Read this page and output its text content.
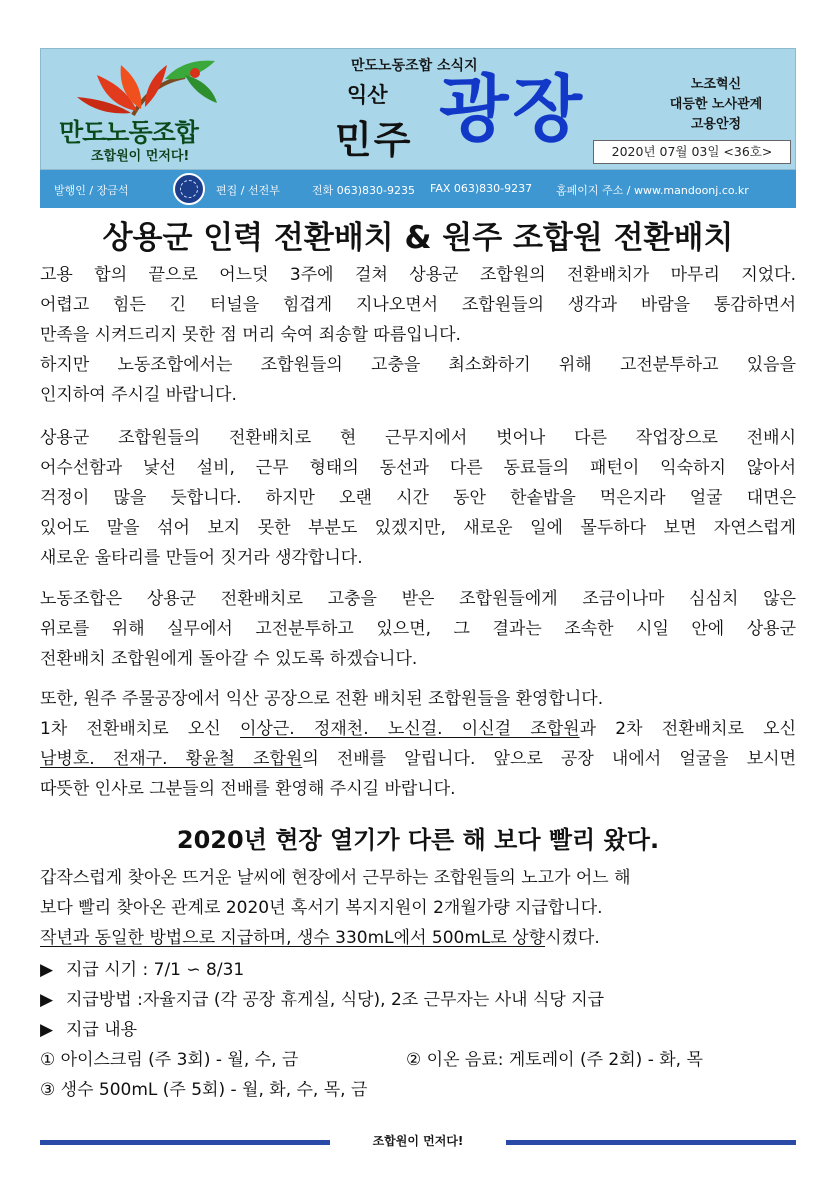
만도노동조합
조합원이 먼저다!
만도노동조합 소식지
익산
민주 광장	노조혁신
대등한 노사관계
고용안정
2020년 07월 03일 <36호>
발행인 / 장금석	편집 / 선전부	전화 063)830-9235 FAX 063)830-9237 홈페이지 주소 / www.mandoonj.co.kr
상용군 인력 전환배치 & 원주 조합원 전환배치
고용 합의 끝으로 어느덧 3주에 걸쳐 상용군 조합원의 전환배치가 마무리 지었다.
어렵고 힘든 긴 터널을 힘겹게 지나오면서 조합원들의 생각과 바람을 통감하면서
만족을 시켜드리지 못한 점 머리 숙여 죄송할 따름입니다.
하지만 노동조합에서는 조합원들의 고충을 최소화하기 위해 고전분투하고 있음을
인지하여 주시길 바랍니다.
상용군 조합원들의 전환배치로 현 근무지에서 벗어나 다른 작업장으로 전배시
어수선함과 낯선 설비, 근무 형태의 동선과 다른 동료들의 패턴이 익숙하지 않아서
걱정이 많을 듯합니다. 하지만 오랜 시간 동안 한솥밥을 먹은지라 얼굴 대면은
있어도 말을 섞어 보지 못한 부분도 있겠지만, 새로운 일에 몰두하다 보면 자연스럽게
새로운 울타리를 만들어 짓거라 생각합니다.
노동조합은 상용군 전환배치로 고충을 받은 조합원들에게 조금이나마 심심치 않은
위로를 위해 실무에서 고전분투하고 있으면, 그 결과는 조속한 시일 안에 상용군
전환배치 조합원에게 돌아갈 수 있도록 하겠습니다.
또한, 원주 주물공장에서 익산 공장으로 전환 배치된 조합원들을 환영합니다.
1차 전환배치로 오신 이상근. 정재천. 노신걸. 이신걸 조합원과 2차 전환배치로 오신
남병호. 전재구. 황윤철 조합원의 전배를 알립니다. 앞으로 공장 내에서 얼굴을 보시면
따뜻한 인사로 그분들의 전배를 환영해 주시길 바랍니다.
2020년 현장 열기가 다른 해 보다 빨리 왔다.
갑작스럽게 찾아온 뜨거운 날씨에 현장에서 근무하는 조합원들의 노고가 어느 해
보다 빨리 찾아온 관계로 2020년 혹서기 복지지원이 2개월가량 지급합니다.
작년과 동일한 방법으로 지급하며, 생수 330mL에서 500mL로 상향시켰다.
▶ 지급 시기 : 7/1 ∽ 8/31
▶ 지급방법 :자율지급 (각 공장 휴게실, 식당), 2조 근무자는 사내 식당 지급
▶ 지급 내용
① 아이스크림 (주 3회) - 월, 수, 금	② 이온 음료: 게토레이 (주 2회) - 화, 목
③ 생수 500mL (주 5회) - 월, 화, 수, 목, 금
조합원이 먼저다!
